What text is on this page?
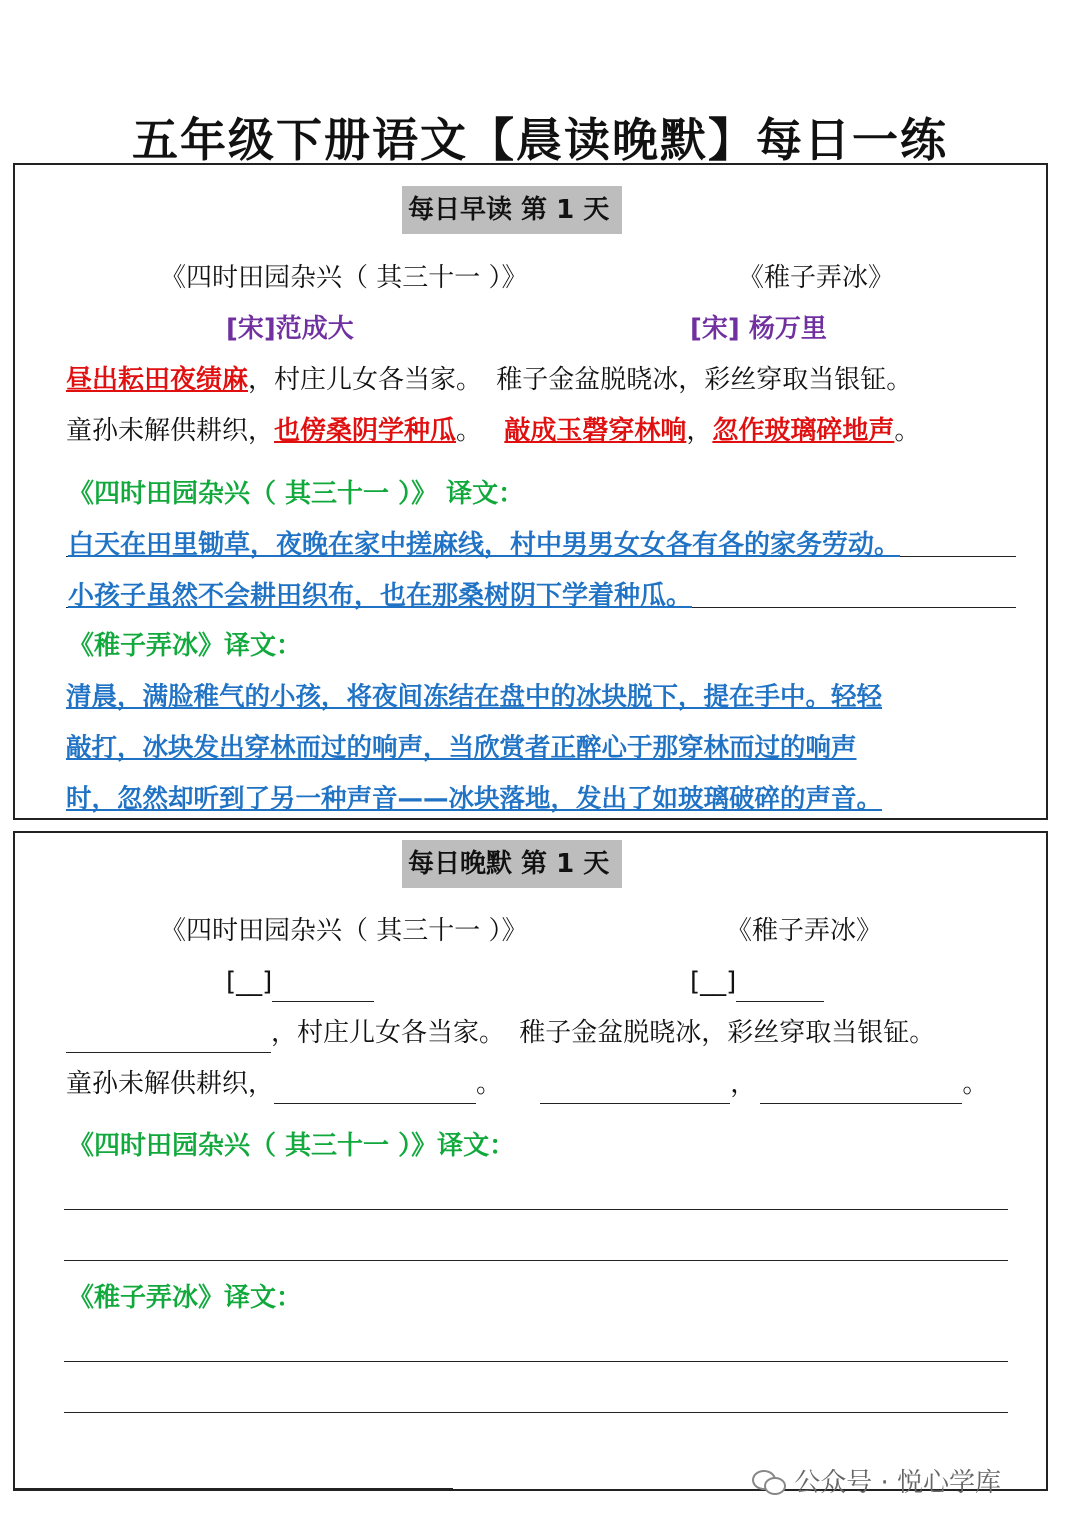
五年级下册语文【晨读晚默】每日一练
每日早读 第 1 天
《四时田园杂兴（ 其三十一 ）》	《稚子弄冰》
[宋]范成大	[宋] 杨万里
昼出耘田夜绩麻，村庄儿女各当家。 稚子金盆脱晓冰，彩丝穿取当银钲。
童孙未解供耕织，也傍桑阴学种瓜。 敲成玉磬穿林响，忽作玻璃碎地声。
《四时田园杂兴（ 其三十一 ）》 译文：
白天在田里锄草，夜晚在家中搓麻线，村中男男女女各有各的家务劳动。
小孩子虽然不会耕田织布，也在那桑树阴下学着种瓜。
《稚子弄冰》译文：
清晨，满脸稚气的小孩，将夜间冻结在盘中的冰块脱下，提在手中。轻轻
敲打，冰块发出穿林而过的响声，当欣赏者正醉心于那穿林而过的响声
时，忽然却听到了另一种声音——冰块落地，发出了如玻璃破碎的声音。
每日晚默 第 1 天
《四时田园杂兴（ 其三十一 ）》	《稚子弄冰》
[__]	[__]
，村庄儿女各当家。 稚子金盆脱晓冰，彩丝穿取当银钲。
童孙未解供耕织，	。	，	。
《四时田园杂兴（ 其三十一 ）》译文：
《稚子弄冰》译文：
公众号 · 悦心学库
